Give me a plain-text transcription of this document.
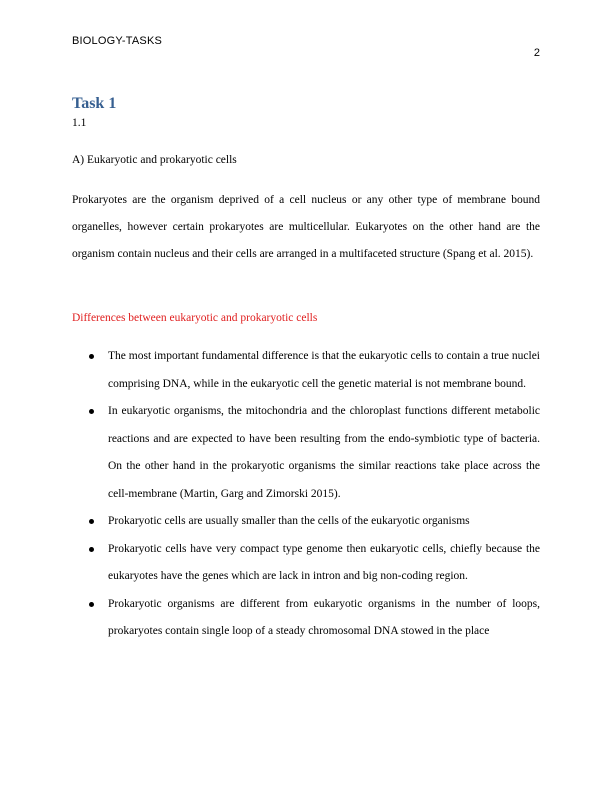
BIOLOGY-TASKS
2
Task 1
1.1
A) Eukaryotic and prokaryotic cells
Prokaryotes are the organism deprived of a cell nucleus or any other type of membrane bound organelles, however certain prokaryotes are multicellular. Eukaryotes on the other hand are the organism contain nucleus and their cells are arranged in a multifaceted structure (Spang et al. 2015).
Differences between eukaryotic and prokaryotic cells
The most important fundamental difference is that the eukaryotic cells to contain a true nuclei comprising DNA, while in the eukaryotic cell the genetic material is not membrane bound.
In eukaryotic organisms, the mitochondria and the chloroplast functions different metabolic reactions and are expected to have been resulting from the endo-symbiotic type of bacteria. On the other hand in the prokaryotic organisms the similar reactions take place across the cell-membrane (Martin, Garg and Zimorski 2015).
Prokaryotic cells are usually smaller than the cells of the eukaryotic organisms
Prokaryotic cells have very compact type genome then eukaryotic cells, chiefly because the eukaryotes have the genes which are lack in intron and big non-coding region.
Prokaryotic organisms are different from eukaryotic organisms in the number of loops, prokaryotes contain single loop of a steady chromosomal DNA stowed in the place
